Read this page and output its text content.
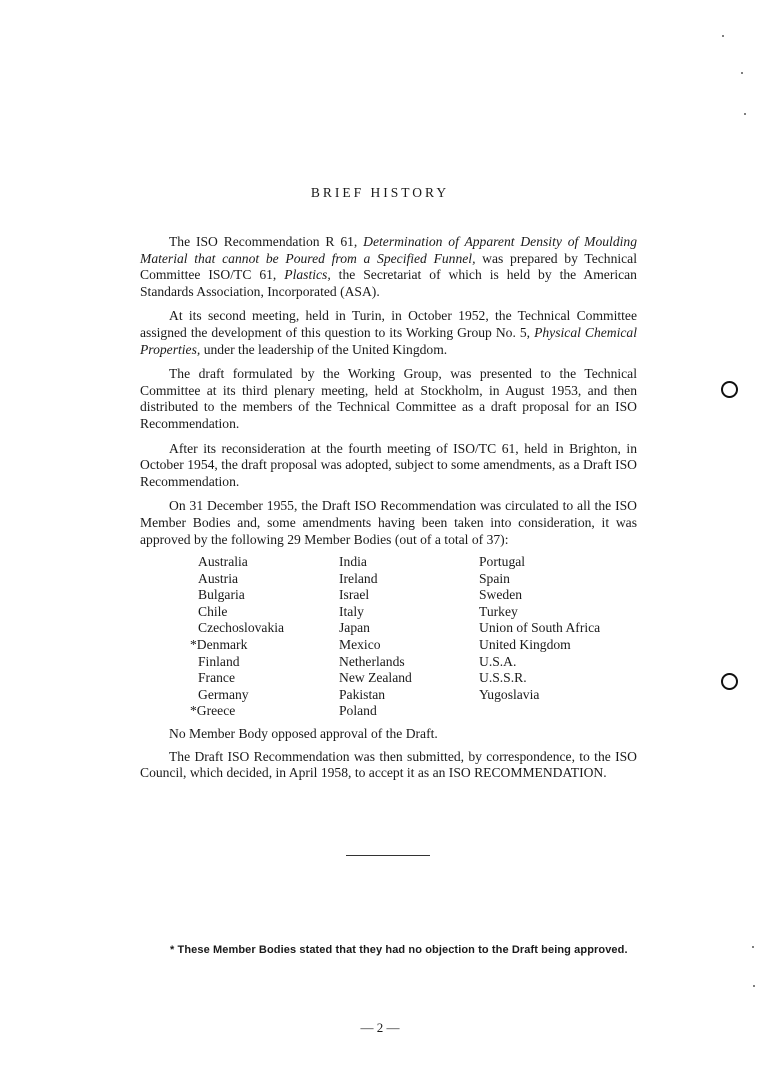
BRIEF HISTORY

The ISO Recommendation R 61, Determination of Apparent Density of Moulding Material that cannot be Poured from a Specified Funnel, was prepared by Technical Committee ISO/TC 61, Plastics, the Secretariat of which is held by the American Standards Association, Incorporated (ASA).

At its second meeting, held in Turin, in October 1952, the Technical Committee assigned the development of this question to its Working Group No. 5, Physical Chemical Properties, under the leadership of the United Kingdom.

The draft formulated by the Working Group, was presented to the Technical Committee at its third plenary meeting, held at Stockholm, in August 1953, and then distributed to the members of the Technical Committee as a draft proposal for an ISO Recommendation.

After its reconsideration at the fourth meeting of ISO/TC 61, held in Brighton, in October 1954, the draft proposal was adopted, subject to some amendments, as a Draft ISO Recommendation.

On 31 December 1955, the Draft ISO Recommendation was circulated to all the ISO Member Bodies and, some amendments having been taken into consideration, it was approved by the following 29 Member Bodies (out of a total of 37):

Australia
Austria
Bulgaria
Chile
Czechoslovakia
*Denmark
Finland
France
Germany
*Greece
India
Ireland
Israel
Italy
Japan
Mexico
Netherlands
New Zealand
Pakistan
Poland
Portugal
Spain
Sweden
Turkey
Union of South Africa
United Kingdom
U.S.A.
U.S.S.R.
Yugoslavia

No Member Body opposed approval of the Draft.

The Draft ISO Recommendation was then submitted, by correspondence, to the ISO Council, which decided, in April 1958, to accept it as an ISO RECOMMENDATION.

* These Member Bodies stated that they had no objection to the Draft being approved.
— 2 —
